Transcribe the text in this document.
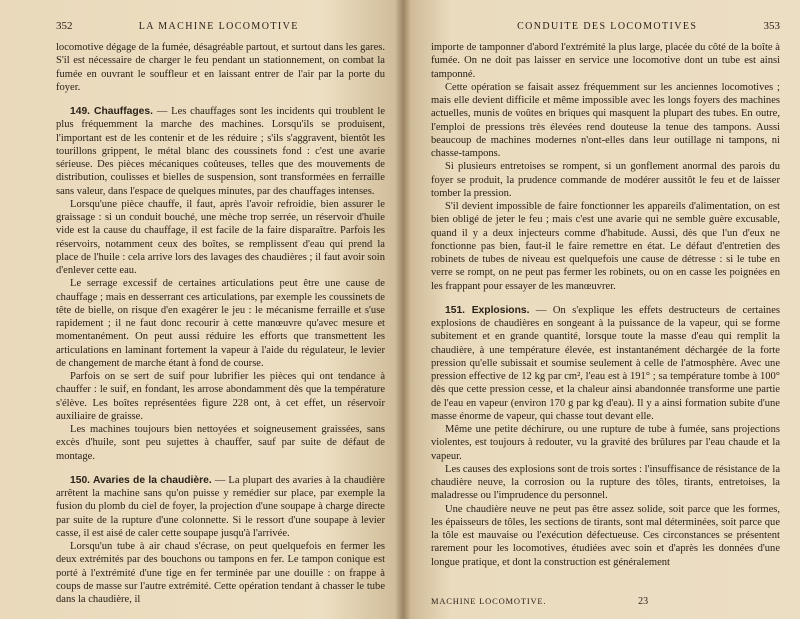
352	LA MACHINE LOCOMOTIVE

locomotive dégage de la fumée, désagréable partout, et surtout dans les gares. S'il est nécessaire de charger le feu pendant un stationnement, on combat la fumée en ouvrant le souffleur et en laissant entrer de l'air par la porte du foyer.

149. Chauffages. — Les chauffages sont les incidents qui troublent le plus fréquemment la marche des machines. Lorsqu'ils se produisent, l'important est de les contenir et de les réduire ; s'ils s'aggravent, bientôt les tourillons grippent, le métal blanc des coussinets fond : c'est une avarie sérieuse. Des pièces mécaniques coûteuses, telles que des mouvements de distribution, coulisses et bielles de suspension, sont transformées en ferraille sans valeur, dans l'espace de quelques minutes, par des chauffages intenses.

Lorsqu'une pièce chauffe, il faut, après l'avoir refroidie, bien assurer le graissage : si un conduit bouché, une mèche trop serrée, un réservoir d'huile vide est la cause du chauffage, il est facile de la faire disparaître. Parfois les réservoirs, notamment ceux des boîtes, se remplissent d'eau qui prend la place de l'huile : cela arrive lors des lavages des chaudières ; il faut avoir soin d'enlever cette eau.

Le serrage excessif de certaines articulations peut être une cause de chauffage ; mais en desserrant ces articulations, par exemple les coussinets de tête de bielle, on risque d'en exagérer le jeu : le mécanisme ferraille et s'use rapidement ; il ne faut donc recourir à cette manœuvre qu'avec mesure et momentanément. On peut aussi réduire les efforts que transmettent les articulations en laminant fortement la vapeur à l'aide du régulateur, le levier de changement de marche étant à fond de course.

Parfois on se sert de suif pour lubrifier les pièces qui ont tendance à chauffer : le suif, en fondant, les arrose abondamment dès que la température s'élève. Les boîtes représentées figure 228 ont, à cet effet, un réservoir auxiliaire de graisse.

Les machines toujours bien nettoyées et soigneusement graissées, sans excès d'huile, sont peu sujettes à chauffer, sauf par suite de défaut de montage.

150. Avaries de la chaudière. — La plupart des avaries à la chaudière arrêtent la machine sans qu'on puisse y remédier sur place, par exemple la fusion du plomb du ciel de foyer, la projection d'une soupape à charge directe par suite de la rupture d'une colonnette. Si le ressort d'une soupape à levier casse, il est aisé de caler cette soupape jusqu'à l'arrivée.

Lorsqu'un tube à air chaud s'écrase, on peut quelquefois en fermer les deux extrémités par des bouchons ou tampons en fer. Le tampon conique est porté à l'extrémité d'une tige en fer terminée par une douille : on frappe à coups de masse sur l'autre extrémité. Cette opération tendant à chasser le tube dans la chaudière, il

CONDUITE DES LOCOMOTIVES	353

importe de tamponner d'abord l'extrémité la plus large, placée du côté de la boîte à fumée. On ne doit pas laisser en service une locomotive dont un tube est ainsi tamponné.

Cette opération se faisait assez fréquemment sur les anciennes locomotives ; mais elle devient difficile et même impossible avec les longs foyers des machines actuelles, munis de voûtes en briques qui masquent la plupart des tubes. En outre, l'emploi de pressions très élevées rend douteuse la tenue des tampons. Aussi beaucoup de machines modernes n'ont-elles dans leur outillage ni tampons, ni chasse-tampons.

Si plusieurs entretoises se rompent, si un gonflement anormal des parois du foyer se produit, la prudence commande de modérer aussitôt le feu et de laisser tomber la pression.

S'il devient impossible de faire fonctionner les appareils d'alimentation, on est bien obligé de jeter le feu ; mais c'est une avarie qui ne semble guère excusable, quand il y a deux injecteurs comme d'habitude. Aussi, dès que l'un d'eux ne fonctionne pas bien, faut-il le faire remettre en état. Le défaut d'entretien des robinets de tubes de niveau est quelquefois une cause de détresse : si le tube en verre se rompt, on ne peut pas fermer les robinets, ou on en casse les poignées en les frappant pour essayer de les manœuvrer.

151. Explosions. — On s'explique les effets destructeurs de certaines explosions de chaudières en songeant à la puissance de la vapeur, qui se forme subitement et en grande quantité, lorsque toute la masse d'eau qui remplit la chaudière, à une température élevée, est instantanément déchargée de la forte pression qu'elle subissait et soumise seulement à celle de l'atmosphère. Avec une pression effective de 12 kg par cm², l'eau est à 191° ; sa température tombe à 100° dès que cette pression cesse, et la chaleur ainsi abandonnée transforme une partie de l'eau en vapeur (environ 170 g par kg d'eau). Il y a ainsi formation subite d'une masse énorme de vapeur, qui chasse tout devant elle.

Même une petite déchirure, ou une rupture de tube à fumée, sans projections violentes, est toujours à redouter, vu la gravité des brûlures par l'eau chaude et la vapeur.

Les causes des explosions sont de trois sortes : l'insuffisance de résistance de la chaudière neuve, la corrosion ou la rupture des tôles, tirants, entretoises, la maladresse ou l'imprudence du personnel.

Une chaudière neuve ne peut pas être assez solide, soit parce que les formes, les épaisseurs de tôles, les sections de tirants, sont mal déterminées, soit parce que la tôle est mauvaise ou l'exécution défectueuse. Ces circonstances se présentent rarement pour les locomotives, étudiées avec soin et d'après les données d'une longue pratique, et dont la construction est généralement

MACHINE LOCOMOTIVE.	23
